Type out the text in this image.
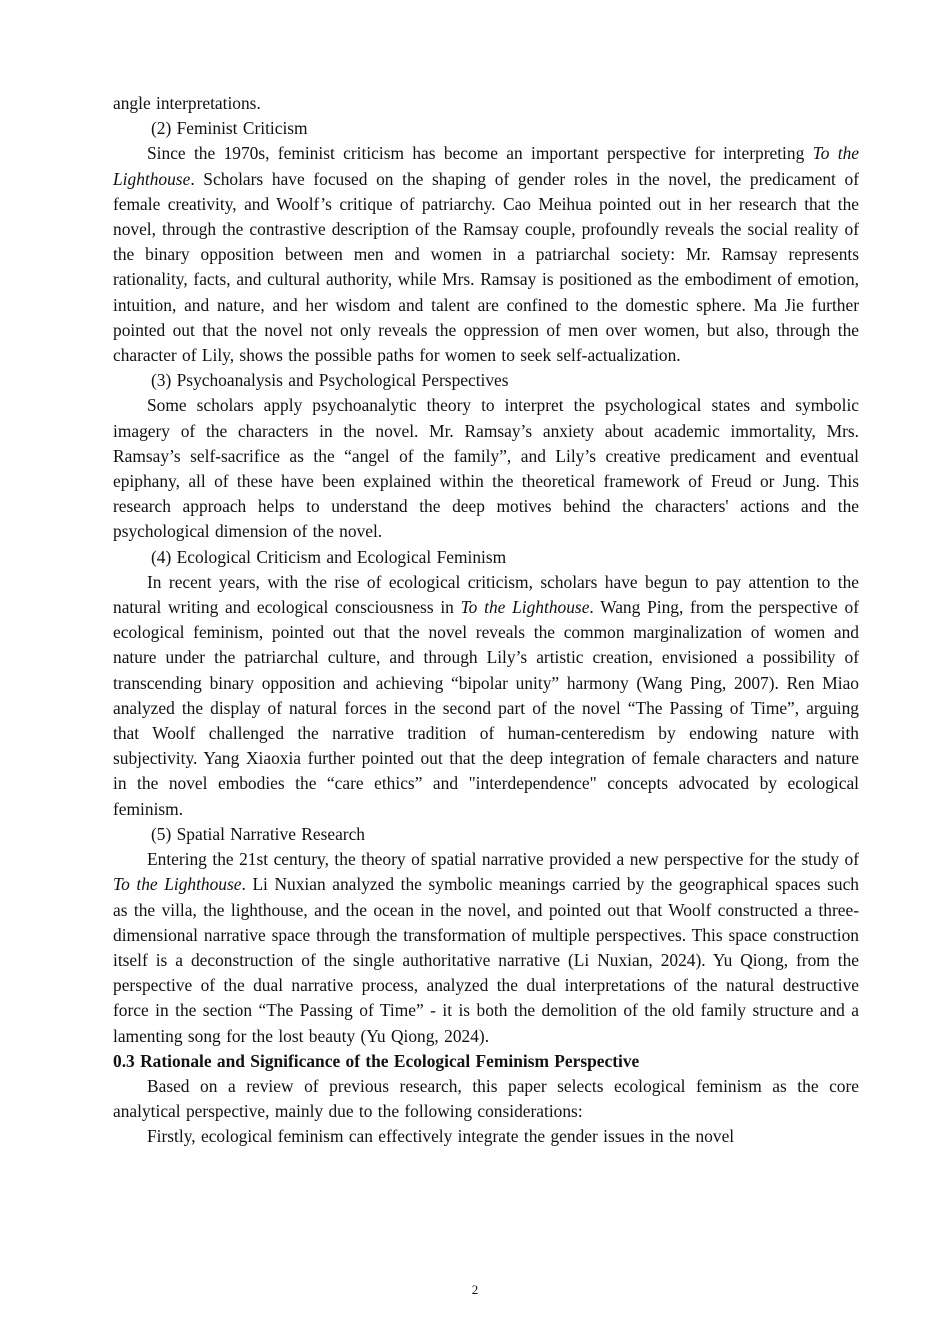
angle interpretations.

(2) Feminist Criticism

Since the 1970s, feminist criticism has become an important perspective for interpreting To the Lighthouse. Scholars have focused on the shaping of gender roles in the novel, the predicament of female creativity, and Woolf’s critique of patriarchy. Cao Meihua pointed out in her research that the novel, through the contrastive description of the Ramsay couple, profoundly reveals the social reality of the binary opposition between men and women in a patriarchal society: Mr. Ramsay represents rationality, facts, and cultural authority, while Mrs. Ramsay is positioned as the embodiment of emotion, intuition, and nature, and her wisdom and talent are confined to the domestic sphere. Ma Jie further pointed out that the novel not only reveals the oppression of men over women, but also, through the character of Lily, shows the possible paths for women to seek self-actualization.

(3) Psychoanalysis and Psychological Perspectives

Some scholars apply psychoanalytic theory to interpret the psychological states and symbolic imagery of the characters in the novel. Mr. Ramsay’s anxiety about academic immortality, Mrs. Ramsay’s self-sacrifice as the “angel of the family”, and Lily’s creative predicament and eventual epiphany, all of these have been explained within the theoretical framework of Freud or Jung. This research approach helps to understand the deep motives behind the characters' actions and the psychological dimension of the novel.

(4) Ecological Criticism and Ecological Feminism

In recent years, with the rise of ecological criticism, scholars have begun to pay attention to the natural writing and ecological consciousness in To the Lighthouse. Wang Ping, from the perspective of ecological feminism, pointed out that the novel reveals the common marginalization of women and nature under the patriarchal culture, and through Lily’s artistic creation, envisioned a possibility of transcending binary opposition and achieving “bipolar unity” harmony (Wang Ping, 2007). Ren Miao analyzed the display of natural forces in the second part of the novel “The Passing of Time”, arguing that Woolf challenged the narrative tradition of human-centeredism by endowing nature with subjectivity. Yang Xiaoxia further pointed out that the deep integration of female characters and nature in the novel embodies the “care ethics” and "interdependence" concepts advocated by ecological feminism.

(5) Spatial Narrative Research

Entering the 21st century, the theory of spatial narrative provided a new perspective for the study of To the Lighthouse. Li Nuxian analyzed the symbolic meanings carried by the geographical spaces such as the villa, the lighthouse, and the ocean in the novel, and pointed out that Woolf constructed a three-dimensional narrative space through the transformation of multiple perspectives. This space construction itself is a deconstruction of the single authoritative narrative (Li Nuxian, 2024). Yu Qiong, from the perspective of the dual narrative process, analyzed the dual interpretations of the natural destructive force in the section “The Passing of Time” - it is both the demolition of the old family structure and a lamenting song for the lost beauty (Yu Qiong, 2024).

0.3 Rationale and Significance of the Ecological Feminism Perspective

Based on a review of previous research, this paper selects ecological feminism as the core analytical perspective, mainly due to the following considerations:

Firstly, ecological feminism can effectively integrate the gender issues in the novel

2
